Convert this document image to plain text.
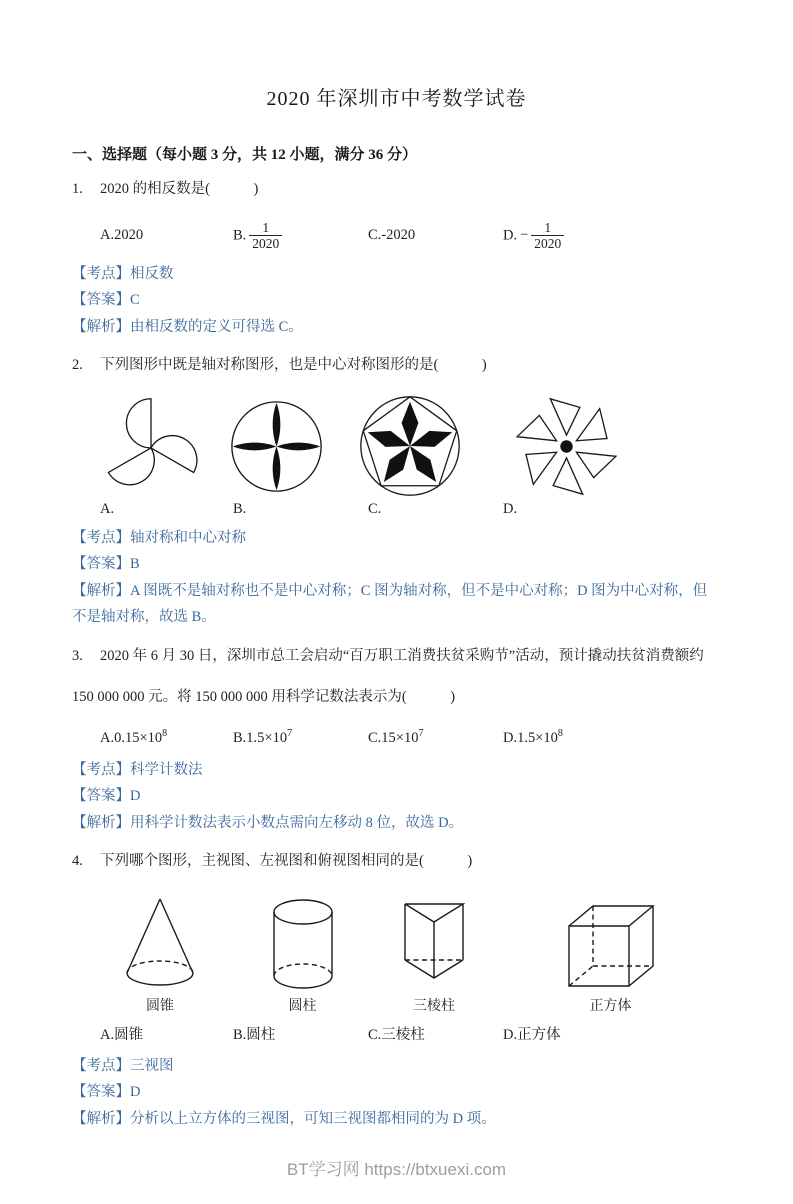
2020 年深圳市中考数学试卷
一、选择题（每小题 3 分，共 12 小题，满分 36 分）

1. 2020 的相反数是(　　　)

A.2020	B. $\frac{1}{2020}$	C.-2020	D. − $\frac{1}{2020}$

【考点】相反数

【答案】C

【解析】由相反数的定义可得选 C。

2. 下列图形中既是轴对称图形，也是中心对称图形的是(　　　)

A.	B.	C.	D.

【考点】轴对称和中心对称

【答案】B

【解析】A 图既不是轴对称也不是中心对称；C 图为轴对称，但不是中心对称；D 图为中心对称，但不是轴对称，故选 B。

3. 2020 年 6 月 30 日，深圳市总工会启动“百万职工消费扶贫采购节”活动，预计撬动扶贫消费额约

150 000 000 元。将 150 000 000 用科学记数法表示为(　　　)

$A.0.15\times 10^8$	$B.1.5\times 10^7$	$C.15\times 10^7$	$D.1.5\times 10^8$

【考点】科学计数法

【答案】D

【解析】用科学计数法表示小数点需向左移动 8 位，故选 D。

4. 下列哪个图形，主视图、左视图和俯视图相同的是(　　　)

圆锥	圆柱	三棱柱	正方体
A.圆锥	B.圆柱	C.三棱柱	D.正方体

【考点】三视图

【答案】D

【解析】分析以上立方体的三视图，可知三视图都相同的为 D 项。

BT学习网 https://btxuexi.com
